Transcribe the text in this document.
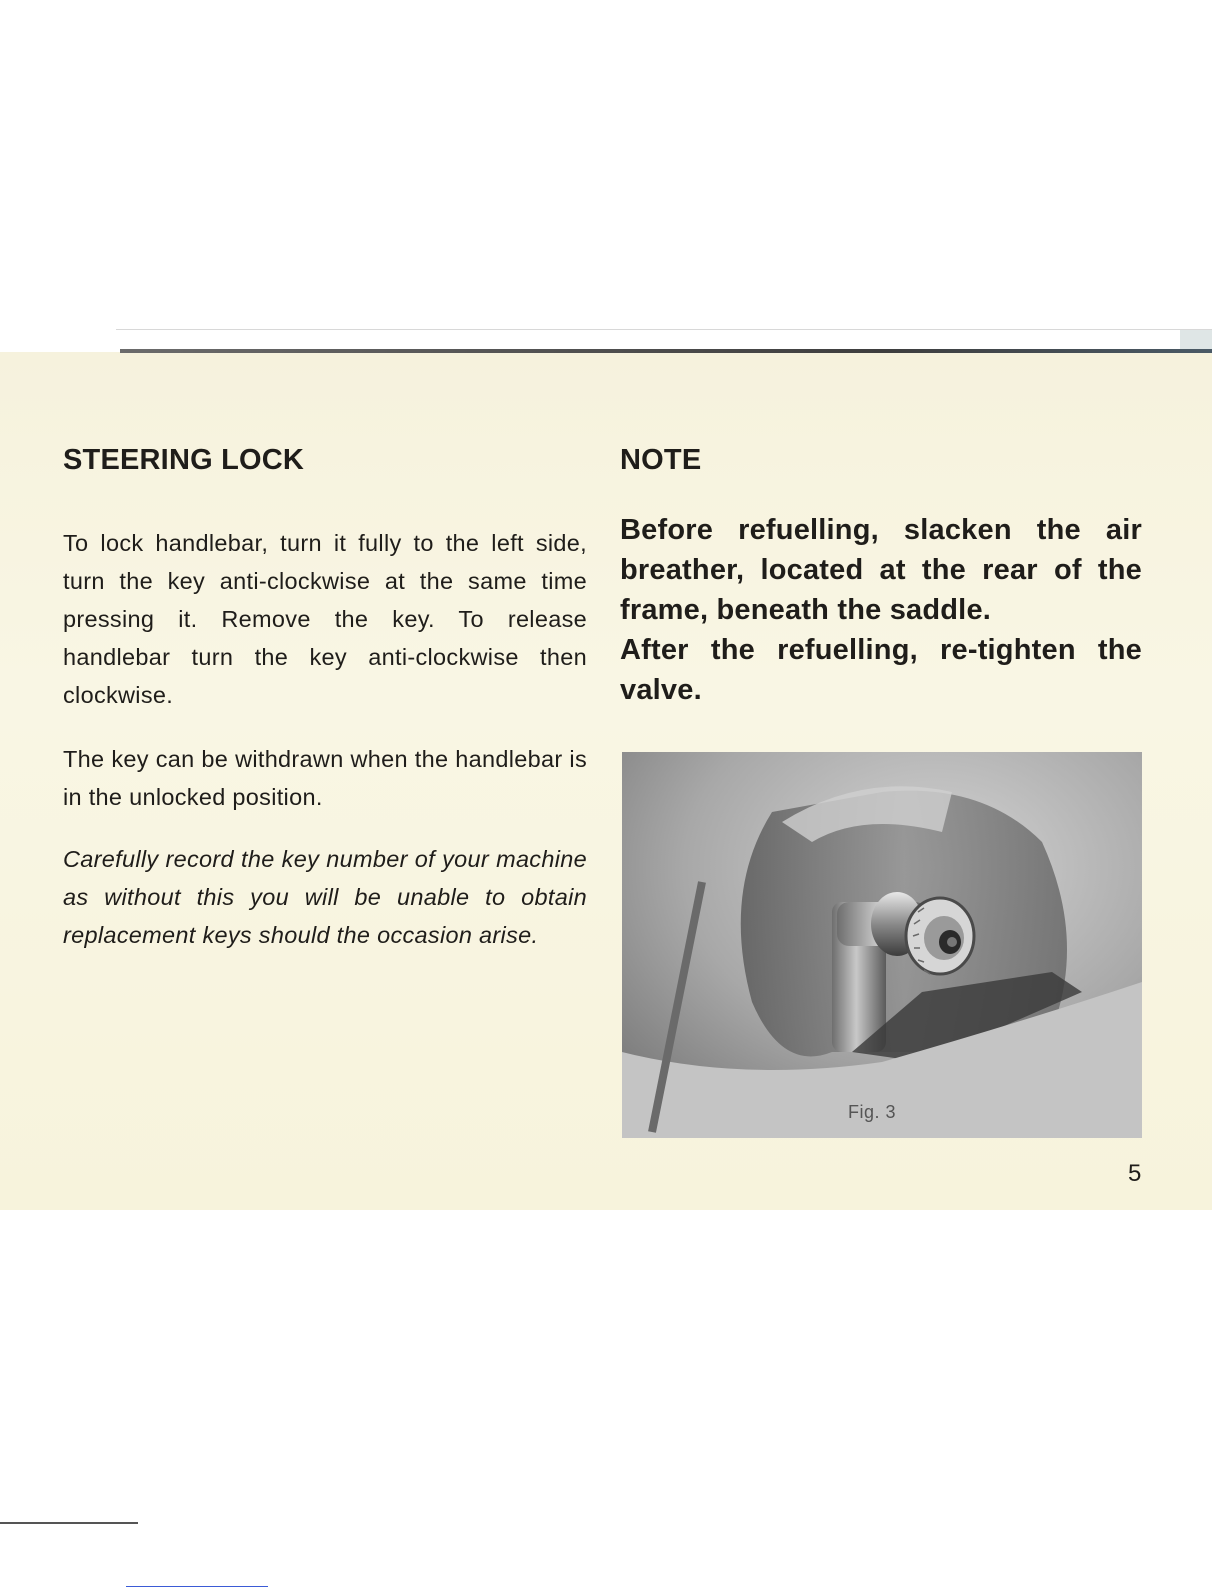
STEERING LOCK

To lock handlebar, turn it fully to the left side, turn the key anti-clockwise at the same time pressing it. Remove the key. To release handlebar turn the key anti-clockwise then clockwise.

The key can be withdrawn when the handlebar is in the unlocked position.

Carefully record the key number of your machine as without this you will be unable to obtain replacement keys should the occasion arise.

NOTE

Before refuelling, slacken the air breather, located at the rear of the frame, beneath the saddle.

After the refuelling, re-tighten the valve.

Fig. 3
5
